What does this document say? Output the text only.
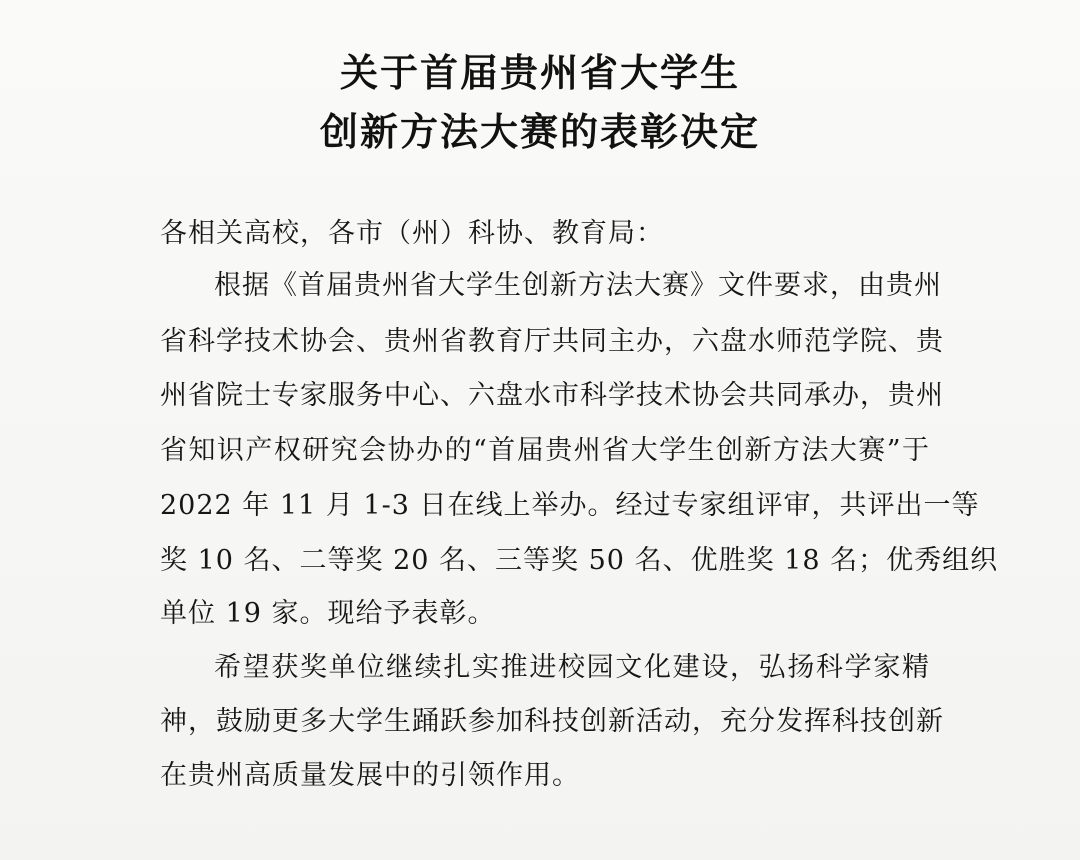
关于首届贵州省大学生
创新方法大赛的表彰决定
各相关高校，各市（州）科协、教育局：
根据《首届贵州省大学生创新方法大赛》文件要求，由贵州
省科学技术协会、贵州省教育厅共同主办，六盘水师范学院、贵
州省院士专家服务中心、六盘水市科学技术协会共同承办，贵州
省知识产权研究会协办的“首届贵州省大学生创新方法大赛”于
2022 年 11 月 1-3 日在线上举办。经过专家组评审，共评出一等
奖 10 名、二等奖 20 名、三等奖 50 名、优胜奖 18 名；优秀组织
单位 19 家。现给予表彰。
希望获奖单位继续扎实推进校园文化建设，弘扬科学家精
神，鼓励更多大学生踊跃参加科技创新活动，充分发挥科技创新
在贵州高质量发展中的引领作用。
